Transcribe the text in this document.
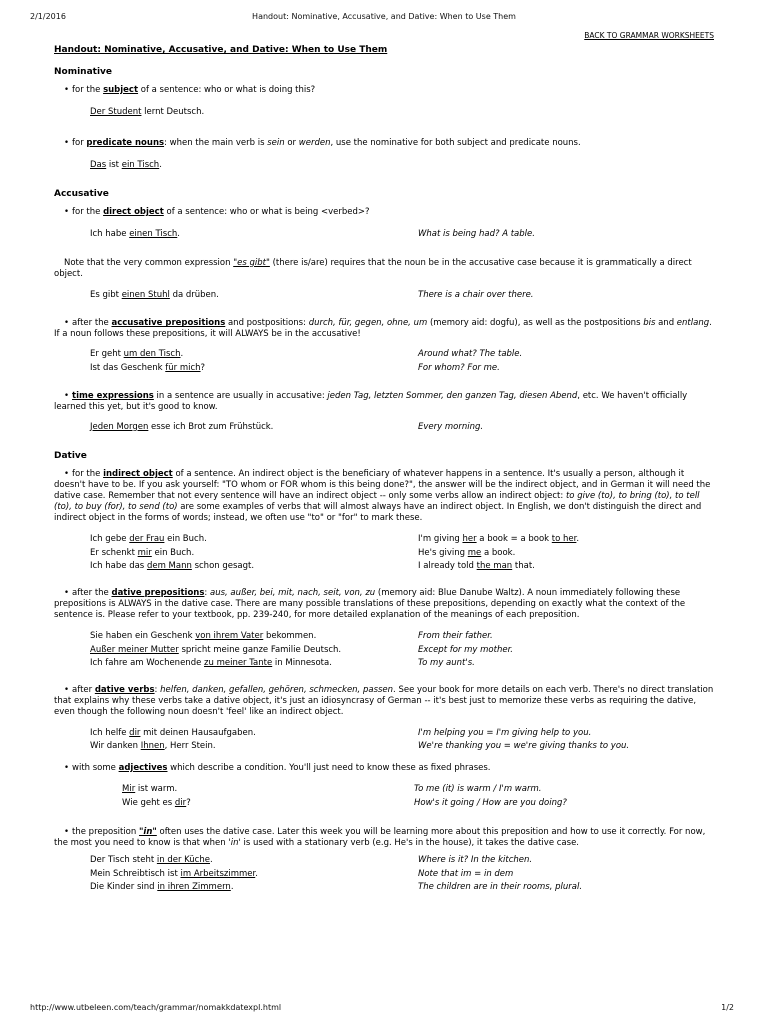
2/1/2016	Handout: Nominative, Accusative, and Dative: When to Use Them
BACK TO GRAMMAR WORKSHEETS
Handout: Nominative, Accusative, and Dative: When to Use Them
Nominative

• for the subject of a sentence: who or what is doing this?

Der Student lernt Deutsch.

• for predicate nouns: when the main verb is sein or werden, use the nominative for both subject and predicate nouns.

Das ist ein Tisch.
Accusative

• for the direct object of a sentence: who or what is being <verbed>?

Ich habe einen Tisch.	What is being had? A table.

Note that the very common expression "es gibt" (there is/are) requires that the noun be in the accusative case because it is grammatically a direct object.

Es gibt einen Stuhl da drüben.	There is a chair over there.

• after the accusative prepositions and postpositions: durch, für, gegen, ohne, um (memory aid: dogfu), as well as the postpositions bis and entlang. If a noun follows these prepositions, it will ALWAYS be in the accusative!

Er geht um den Tisch.	Around what? The table.
Ist das Geschenk für mich?	For whom? For me.

• time expressions in a sentence are usually in accusative: jeden Tag, letzten Sommer, den ganzen Tag, diesen Abend, etc. We haven't officially learned this yet, but it's good to know.

Jeden Morgen esse ich Brot zum Frühstück.	Every morning.
Dative

• for the indirect object of a sentence. An indirect object is the beneficiary of whatever happens in a sentence. It's usually a person, although it doesn't have to be. If you ask yourself: "TO whom or FOR whom is this being done?", the answer will be the indirect object, and in German it will need the dative case. Remember that not every sentence will have an indirect object -- only some verbs allow an indirect object: to give (to), to bring (to), to tell (to), to buy (for), to send (to) are some examples of verbs that will almost always have an indirect object. In English, we don't distinguish the direct and indirect object in the forms of words; instead, we often use "to" or "for" to mark these.

Ich gebe der Frau ein Buch.	I'm giving her a book = a book to her.
Er schenkt mir ein Buch.	He's giving me a book.
Ich habe das dem Mann schon gesagt.	I already told the man that.

• after the dative prepositions: aus, außer, bei, mit, nach, seit, von, zu (memory aid: Blue Danube Waltz). A noun immediately following these prepositions is ALWAYS in the dative case. There are many possible translations of these prepositions, depending on exactly what the context of the sentence is. Please refer to your textbook, pp. 239-240, for more detailed explanation of the meanings of each preposition.

Sie haben ein Geschenk von ihrem Vater bekommen.	From their father.
Außer meiner Mutter spricht meine ganze Familie Deutsch.	Except for my mother.
Ich fahre am Wochenende zu meiner Tante in Minnesota.	To my aunt's.

• after dative verbs: helfen, danken, gefallen, gehören, schmecken, passen. See your book for more details on each verb. There's no direct translation that explains why these verbs take a dative object, it's just an idiosyncrasy of German -- it's best just to memorize these verbs as requiring the dative, even though the following noun doesn't 'feel' like an indirect object.

Ich helfe dir mit deinen Hausaufgaben.	I'm helping you = I'm giving help to you.
Wir danken Ihnen, Herr Stein.	We're thanking you = we're giving thanks to you.

• with some adjectives which describe a condition. You'll just need to know these as fixed phrases.

Mir ist warm.	To me (it) is warm / I'm warm.
Wie geht es dir?	How's it going / How are you doing?

• the preposition "in" often uses the dative case. Later this week you will be learning more about this preposition and how to use it correctly. For now, the most you need to know is that when 'in' is used with a stationary verb (e.g. He's in the house), it takes the dative case.

Der Tisch steht in der Küche.	Where is it? In the kitchen.
Mein Schreibtisch ist im Arbeitszimmer.	Note that im = in dem
Die Kinder sind in ihren Zimmern.	The children are in their rooms, plural.
http://www.utbeleen.com/teach/grammar/nomakkdatexpl.html	1/2
